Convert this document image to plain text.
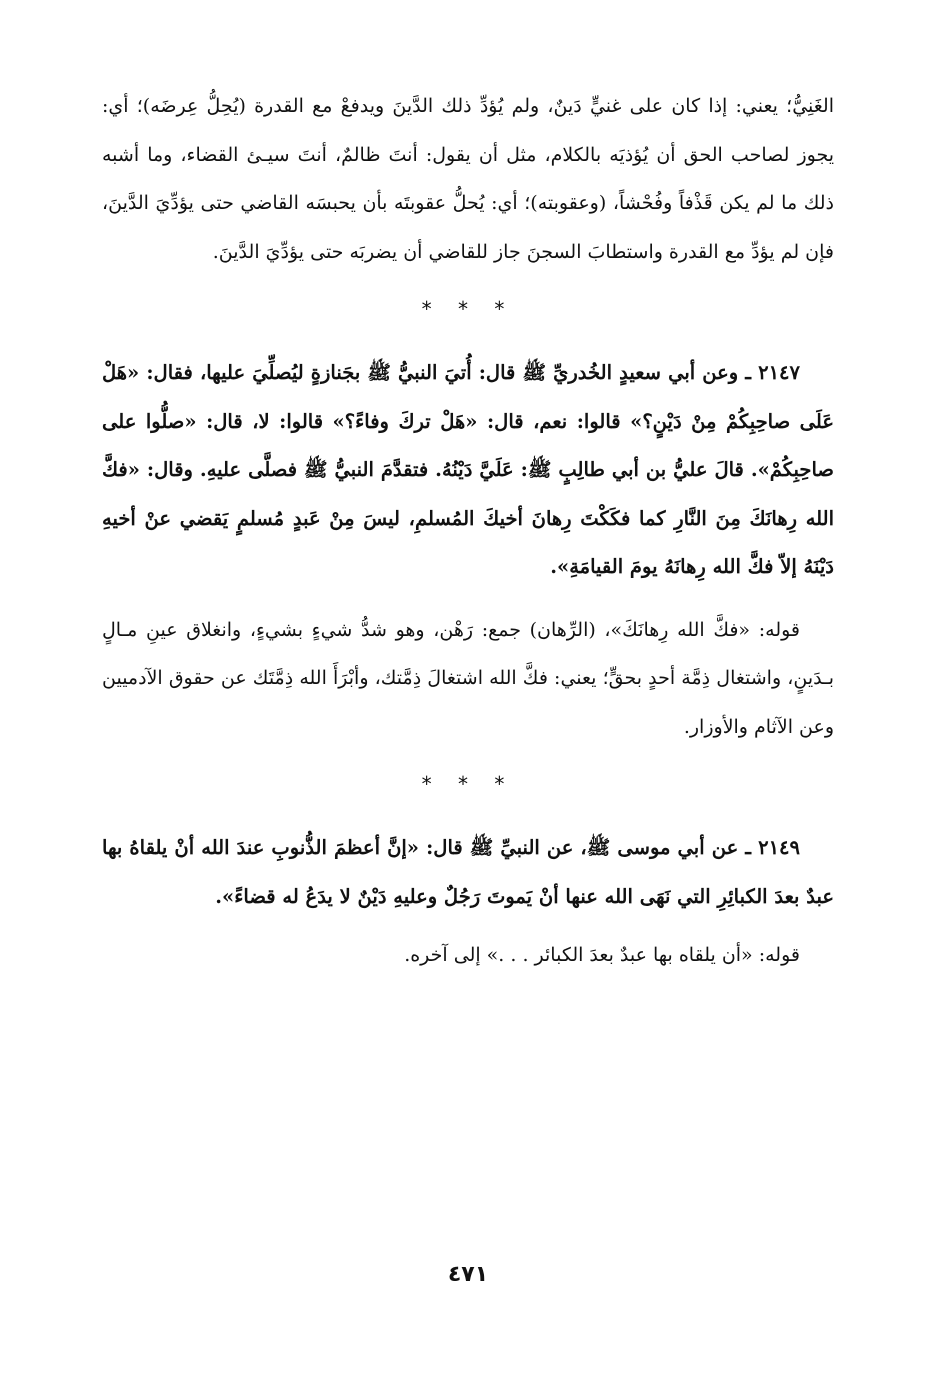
الغَنِيُّ؛ يعني: إذا كان على غنيٍّ دَينٌ، ولم يُؤدِّ ذلك الدَّينَ ويدفعْ مع القدرة (يُحِلُّ عِرضَه)؛ أي: يجوز لصاحب الحق أن يُؤذيَه بالكلام، مثل أن يقول: أنتَ ظالمٌ، أنتَ سيـئ القضاء، وما أشبه ذلك ما لم يكن قَذْفاً وفُحْشاً، (وعقوبته)؛ أي: يُحلُّ عقوبتَه بأن يحبسَه القاضي حتى يؤدِّيَ الدَّينَ، فإن لم يؤدِّ مع القدرة واستطابَ السجنَ جاز للقاضي أن يضربَه حتى يؤدِّيَ الدَّينَ.

* * *

٢١٤٧ ـ وعن أبي سعيدٍ الخُدريِّ ﷺ قال: أُتيَ النبيُّ ﷺ بجَنازةٍ ليُصلِّيَ عليها، فقال: «هَلْ عَلَى صاحِبِكُمْ مِنْ دَيْنٍ؟» قالوا: نعم، قال: «هَلْ تركَ وفاءً؟» قالوا: لا، قال: «صلُّوا على صاحِبِكُمْ». قالَ عليُّ بن أبي طالِبٍ ﷺ: عَلَيَّ دَيْنُهُ. فتقدَّمَ النبيُّ ﷺ فصلَّى عليهِ. وقال: «فكَّ الله رِهانَكَ مِنَ النَّارِ كما فكَكْتَ رِهانَ أخيكَ المُسلمِ، ليسَ مِنْ عَبدٍ مُسلمٍ يَقضي عنْ أخيهِ دَيْنَهُ إلاّ فكَّ الله رِهانَهُ يومَ القيامَةِ».

قوله: «فكَّ الله رِهانَكَ»، (الرِّهان) جمع: رَهْن، وهو شدُّ شيءٍ بشيءٍ، وانغلاق عينِ مـالٍ بـدَينٍ، واشتغال ذِمَّة أحدٍ بحقٍّ؛ يعني: فكَّ الله اشتغالَ ذِمَّتك، وأبْرَأَ الله ذِمَّتَك عن حقوق الآدميين وعن الآثام والأوزار.

* * *

٢١٤٩ ـ عن أبي موسى ﷺ، عن النبيِّ ﷺ قال: «إنَّ أعظمَ الذُّنوبِ عندَ الله أنْ يلقاهُ بها عبدٌ بعدَ الكبائِرِ التي نَهَى الله عنها أنْ يَموتَ رَجُلٌ وعليهِ دَيْنٌ لا يدَعُ له قضاءً».

قوله: «أن يلقاه بها عبدٌ بعدَ الكبائر . . .» إلى آخره.

٤٧١
